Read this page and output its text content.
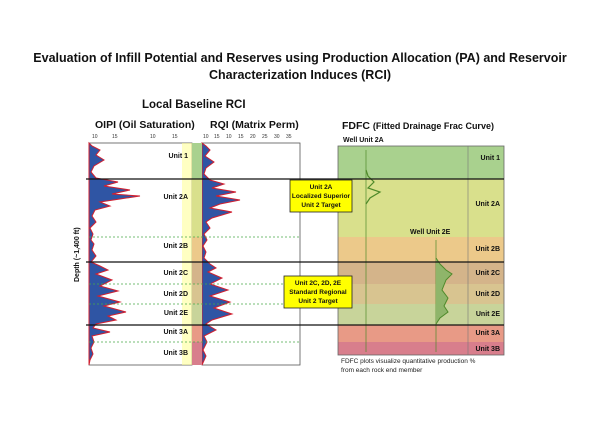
Evaluation of Infill Potential and Reserves using Production Allocation (PA) and Reservoir
Characterization Induces (RCI)
Local Baseline RCI
OIPI (Oil Saturation) RQI (Matrix Perm)	FDFC (Fitted Drainage Frac Curve)
10	15	10	15	10 15 10 15 20 25 30 35
Depth (~1,400 ft)
Unit 1
Unit 2A
Unit 2B
Unit 2C
Unit 2D
Unit 2E
Unit 3A
Unit 3B
Unit 1
Unit 2A
Unit 2B
Unit 2C
Unit 2D
Unit 2E
Unit 3A
Unit 3B
Well Unit 2A
Well Unit 2E
Unit 2A
Localized Superior
Unit 2 Target
Unit 2C, 2D, 2E
Standard Regional
Unit 2 Target
FDFC plots visualize quantitative production %
from each rock end member
